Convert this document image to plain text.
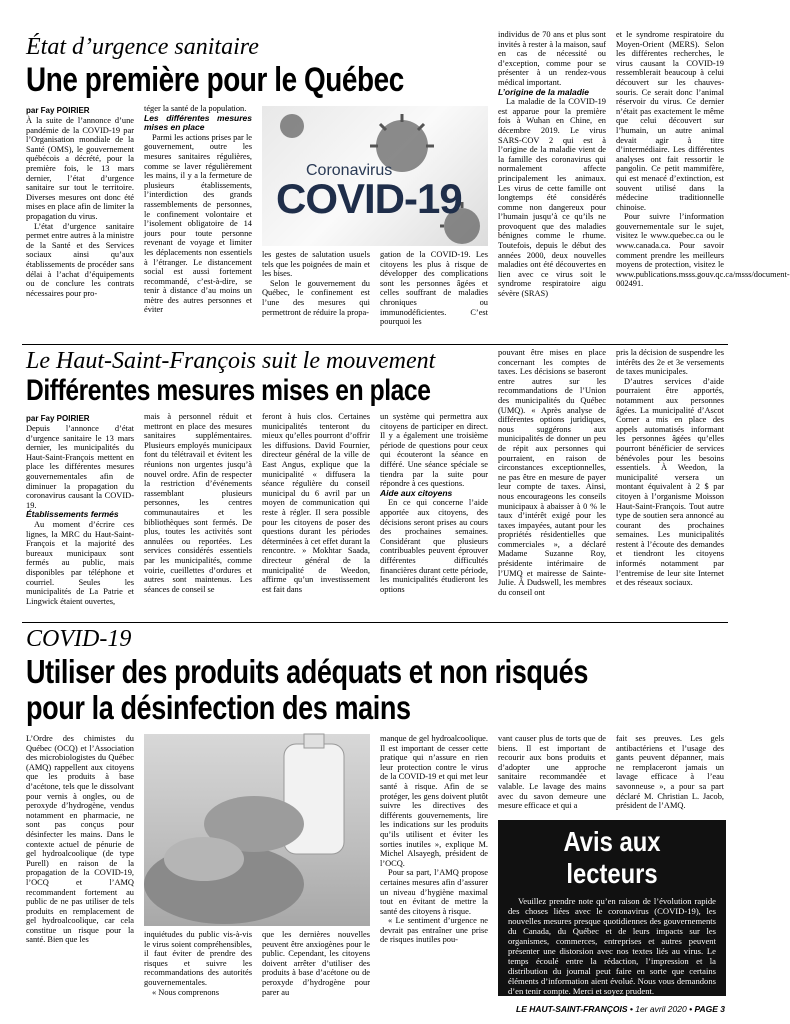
État d’urgence sanitaire
Une première pour le Québec
par Fay POIRIER

À la suite de l’annonce d’une pandémie de la COVID-19 par l’Organisation mondiale de la Santé (OMS), le gouvernement québécois a décrété, pour la première fois, le 13 mars dernier, l’état d’urgence sanitaire sur tout le territoire. Diverses mesures ont donc été mises en place afin de limiter la propagation du virus.

L’état d’urgence sanitaire permet entre autres à la ministre de la Santé et des Services sociaux ainsi qu’aux établissements de procéder sans délai à l’achat d’équipements ou de conclure les contrats nécessaires pour pro-

téger la santé de la population.

Les différentes mesures mises en place

Parmi les actions prises par le gouvernement, outre les mesures sanitaires régulières, comme se laver régulièrement les mains, il y a la fermeture de plusieurs établissements, l’interdiction des grands rassemblements de personnes, le confinement volontaire et l’isolement obligatoire de 14 jours pour toute personne revenant de voyage et limiter les déplacements non essentiels à l’étranger. Le distancement social est aussi fortement recommandé, c’est-à-dire, se tenir à distance d’au moins un mètre des autres personnes et éviter

Coronavirus
COVID-19

les gestes de salutation usuels tels que les poignées de main et les bises.

Selon le gouvernement du Québec, le confinement est l’une des mesures qui permettront de réduire la propa-

gation de la COVID-19. Les citoyens les plus à risque de développer des complications sont les personnes âgées et celles souffrant de maladies chroniques ou immunodéficientes. C’est pourquoi les

individus de 70 ans et plus sont invités à rester à la maison, sauf en cas de nécessité ou d’exception, comme pour se présenter à un rendez-vous médical important.

L’origine de la maladie

La maladie de la COVID-19 est apparue pour la première fois à Wuhan en Chine, en décembre 2019. Le virus SARS-COV 2 qui est à l’origine de la maladie vient de la famille des coronavirus qui normalement affecte principalement les animaux. Les virus de cette famille ont longtemps été considérés comme non dangereux pour l’humain jusqu’à ce qu’ils ne provoquent que des maladies bénignes comme le rhume. Toutefois, depuis le début des années 2000, deux nouvelles maladies ont été découvertes en lien avec ce virus soit le syndrome respiratoire aigu sévère (SRAS)

et le syndrome respiratoire du Moyen-Orient (MERS). Selon les différentes recherches, le virus causant la COVID-19 ressemblerait beaucoup à celui découvert sur les chauves-souris. Ce serait donc l’animal réservoir du virus. Ce dernier n’était pas exactement le même que celui découvert sur l’humain, un autre animal devait agir à titre d’intermédiaire. Les différentes analyses ont fait ressortir le pangolin. Ce petit mammifère, qui est menacé d’extinction, est souvent utilisé dans la médecine traditionnelle chinoise.

Pour suivre l’information gouvernementale sur le sujet, visitez le www.quebec.ca ou le www.canada.ca. Pour savoir comment prendre les meilleurs moyens de protection, visitez le www.publications.msss.gouv.qc.ca/msss/document-002491.

Le Haut-Saint-François suit le mouvement
Différentes mesures mises en place
par Fay POIRIER

Depuis l’annonce d’état d’urgence sanitaire le 13 mars dernier, les municipalités du Haut-Saint-François mettent en place les différentes mesures gouvernementales afin de diminuer la propagation du coronavirus causant la COVID-19.

Établissements fermés

Au moment d’écrire ces lignes, la MRC du Haut-Saint-François et la majorité des bureaux municipaux sont fermés au public, mais disponibles par téléphone et courriel. Seules les municipalités de La Patrie et Lingwick étaient ouvertes,

mais à personnel réduit et mettront en place des mesures sanitaires supplémentaires. Plusieurs employés municipaux font du télétravail et évitent les réunions non urgentes jusqu’à nouvel ordre. Afin de respecter la restriction d’événements rassemblant plusieurs personnes, les centres communautaires et les bibliothèques sont fermés. De plus, toutes les activités sont annulées ou reportées. Les services considérés essentiels par les municipalités, comme voirie, cueillettes d’ordures et autres sont maintenus. Les séances de conseil se

feront à huis clos. Certaines municipalités tenteront du mieux qu’elles pourront d’offrir les diffusions. David Fournier, directeur général de la ville de East Angus, explique que la municipalité « diffusera la séance régulière du conseil municipal du 6 avril par un moyen de communication qui reste à régler. Il sera possible pour les citoyens de poser des questions durant les périodes déterminées à cet effet durant la rencontre. » Mokhtar Saada, directeur général de la municipalité de Weedon, affirme qu’un investissement est fait dans

un système qui permettra aux citoyens de participer en direct. Il y a également une troisième période de questions pour ceux qui écouteront la séance en différé. Une séance spéciale se tiendra par la suite pour répondre à ces questions.

Aide aux citoyens

En ce qui concerne l’aide apportée aux citoyens, des décisions seront prises au cours des prochaines semaines. Considérant que plusieurs contribuables peuvent éprouver différentes difficultés financières durant cette période, les municipalités étudieront les options

pouvant être mises en place concernant les comptes de taxes. Les décisions se baseront entre autres sur les recommandations de l’Union des municipalités du Québec (UMQ). « Après analyse de différentes options juridiques, nous suggérons aux municipalités de donner un peu de répit aux personnes qui pourraient, en raison de circonstances exceptionnelles, ne pas être en mesure de payer leur compte de taxes. Ainsi, nous encourageons les conseils municipaux à abaisser à 0 % le taux d’intérêt exigé pour les taxes impayées, autant pour les propriétés résidentielles que commerciales », a déclaré Madame Suzanne Roy, présidente intérimaire de l’UMQ et mairesse de Sainte-Julie. À Dudswell, les membres du conseil ont

pris la décision de suspendre les intérêts des 2e et 3e versements de taxes municipales.

D’autres services d’aide pourraient être apportés, notamment aux personnes âgées. La municipalité d’Ascot Corner a mis en place des appels automatisés informant les personnes âgées qu’elles pourront bénéficier de services bénévoles pour les besoins essentiels. À Weedon, la municipalité versera un montant équivalent à 2 $ par citoyen à l’organisme Moisson Haut-Saint-François. Tout autre type de soutien sera annoncé au courant des prochaines semaines. Les municipalités restent à l’écoute des demandes et tiendront les citoyens informés notamment par l’entremise de leur site Internet et des réseaux sociaux.

COVID-19
Utiliser des produits adéquats et non risqués
pour la désinfection des mains

L’Ordre des chimistes du Québec (OCQ) et l’Association des microbiologistes du Québec (AMQ) rappellent aux citoyens que les produits à base d’acétone, tels que le dissolvant pour vernis à ongles, ou de peroxyde d’hydrogène, vendus notamment en pharmacie, ne sont pas conçus pour désinfecter les mains. Dans le contexte actuel de pénurie de gel hydroalcoolique (de type Purell) en raison de la propagation de la COVID-19, l’OCQ et l’AMQ recommandent fortement au public de ne pas utiliser de tels produits en remplacement de gel hydroalcoolique, car cela constitue un risque pour la santé. Bien que les

inquiétudes du public vis-à-vis le virus soient compréhensibles, il faut éviter de prendre des risques et suivre les recommandations des autorités gouvernementales.

« Nous comprenons

que les dernières nouvelles peuvent être anxiogènes pour le public. Cependant, les citoyens doivent arrêter d’utiliser des produits à base d’acétone ou de peroxyde d’hydrogène pour parer au

manque de gel hydroalcoolique. Il est important de cesser cette pratique qui n’assure en rien leur protection contre le virus de la COVID-19 et qui met leur santé à risque. Afin de se protéger, les gens doivent plutôt suivre les directives des différents gouvernements, lire les indications sur les produits qu’ils utilisent et éviter les sorties inutiles », explique M. Michel Alsayegh, président de l’OCQ.

Pour sa part, l’AMQ propose certaines mesures afin d’assurer un niveau d’hygiène maximal tout en évitant de mettre la santé des citoyens à risque.

« Le sentiment d’urgence ne devrait pas entraîner une prise de risques inutiles pou-

vant causer plus de torts que de biens. Il est important de recourir aux bons produits et d’adopter une approche sanitaire recommandée et valable. Le lavage des mains avec du savon demeure une mesure efficace et qui a

fait ses preuves. Les gels antibactériens et l’usage des gants peuvent dépanner, mais ne remplaceront jamais un lavage efficace à l’eau savonneuse », a pour sa part déclaré M. Christian L. Jacob, président de l’AMQ.

Avis aux lecteurs
Veuillez prendre note qu’en raison de l’évolution rapide des choses liées avec le coronavirus (COVID-19), les nouvelles mesures presque quotidiennes des gouvernements du Canada, du Québec et de leurs impacts sur les organismes, commerces, entreprises et autres peuvent présenter une distorsion avec nos textes liés au virus. Le temps écoulé entre la rédaction, l’impression et la distribution du journal peut faire en sorte que certains éléments d’information aient évolué. Nous vous demandons d’en tenir compte. Merci et soyez prudent.
LE HAUT-SAINT-FRANÇOIS • 1er avril 2020 • PAGE 3
